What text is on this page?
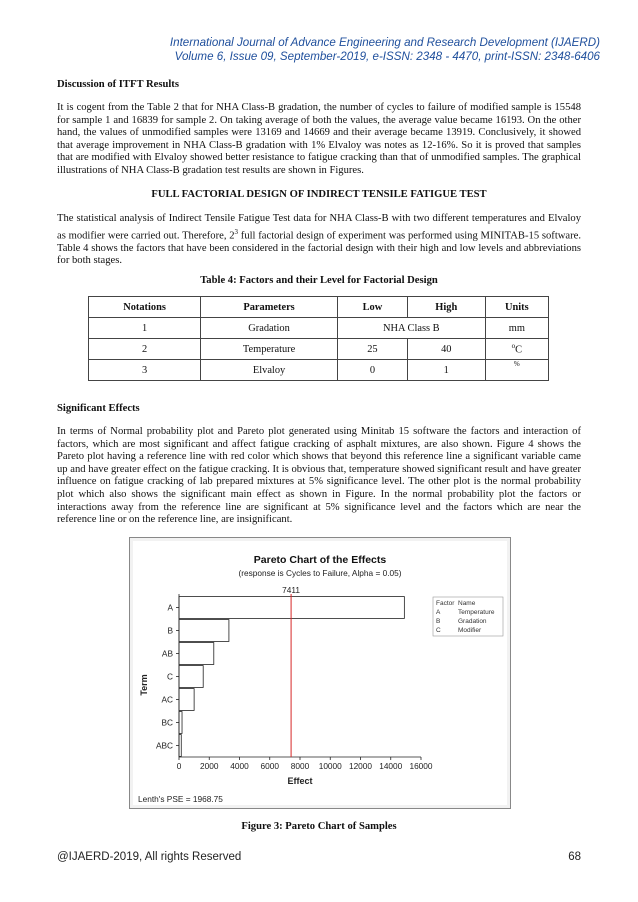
International Journal of Advance Engineering and Research Development (IJAERD)
Volume 6, Issue 09, September-2019, e-ISSN: 2348 - 4470, print-ISSN: 2348-6406

Discussion of ITFT Results

It is cogent from the Table 2 that for NHA Class-B gradation, the number of cycles to failure of modified sample is 15548 for sample 1 and 16839 for sample 2. On taking average of both the values, the average value became 16193. On the other hand, the values of unmodified samples were 13169 and 14669 and their average became 13919. Conclusively, it showed that average improvement in NHA Class-B gradation with 1% Elvaloy was notes as 12-16%. So it is proved that samples that are modified with Elvaloy showed better resistance to fatigue cracking than that of unmodified samples. The graphical illustrations of NHA Class-B gradation test results are shown in Figures.

FULL FACTORIAL DESIGN OF INDIRECT TENSILE FATIGUE TEST

The statistical analysis of Indirect Tensile Fatigue Test data for NHA Class-B with two different temperatures and Elvaloy as modifier were carried out. Therefore, $2^3$ full factorial design of experiment was performed using MINITAB-15 software. Table 4 shows the factors that have been considered in the factorial design with their high and low levels and abbreviations for both stages.

Table 4: Factors and their Level for Factorial Design

Notations	Parameters	Low	High	Units
1	Gradation	NHA Class B		mm
2	Temperature	25	40	$^o$C
3	Elvaloy	0	1	%

Significant Effects

In terms of Normal probability plot and Pareto plot generated using Minitab 15 software the factors and interaction of factors, which are most significant and affect fatigue cracking of asphalt mixtures, are also shown. Figure 4 shows the Pareto plot having a reference line with red color which shows that beyond this reference line a significant variable came up and have greater effect on the fatigue cracking. It is obvious that, temperature showed significant result and have greater influence on fatigue cracking of lab prepared mixtures at 5% significance level. The other plot is the normal probability plot which also shows the significant main effect as shown in Figure. In the normal probability plot the factors or interactions away from the reference line are significant at 5% significance level and the factors which are near the reference line or on the reference line, are insignificant.

Pareto Chart of the Effects
(response is Cycles to Failure, Alpha = 0.05)
7411
Term
Effect
Lenth's PSE = 1968.75
A
B
AB
C
AC
BC
ABC
0 2000 4000 6000 8000 10000 12000 14000 16000
Factor Name
A	Temperature
B	Gradation
C	Modifier
Figure 3: Pareto Chart of Samples
@IJAERD-2019, All rights Reserved	68
